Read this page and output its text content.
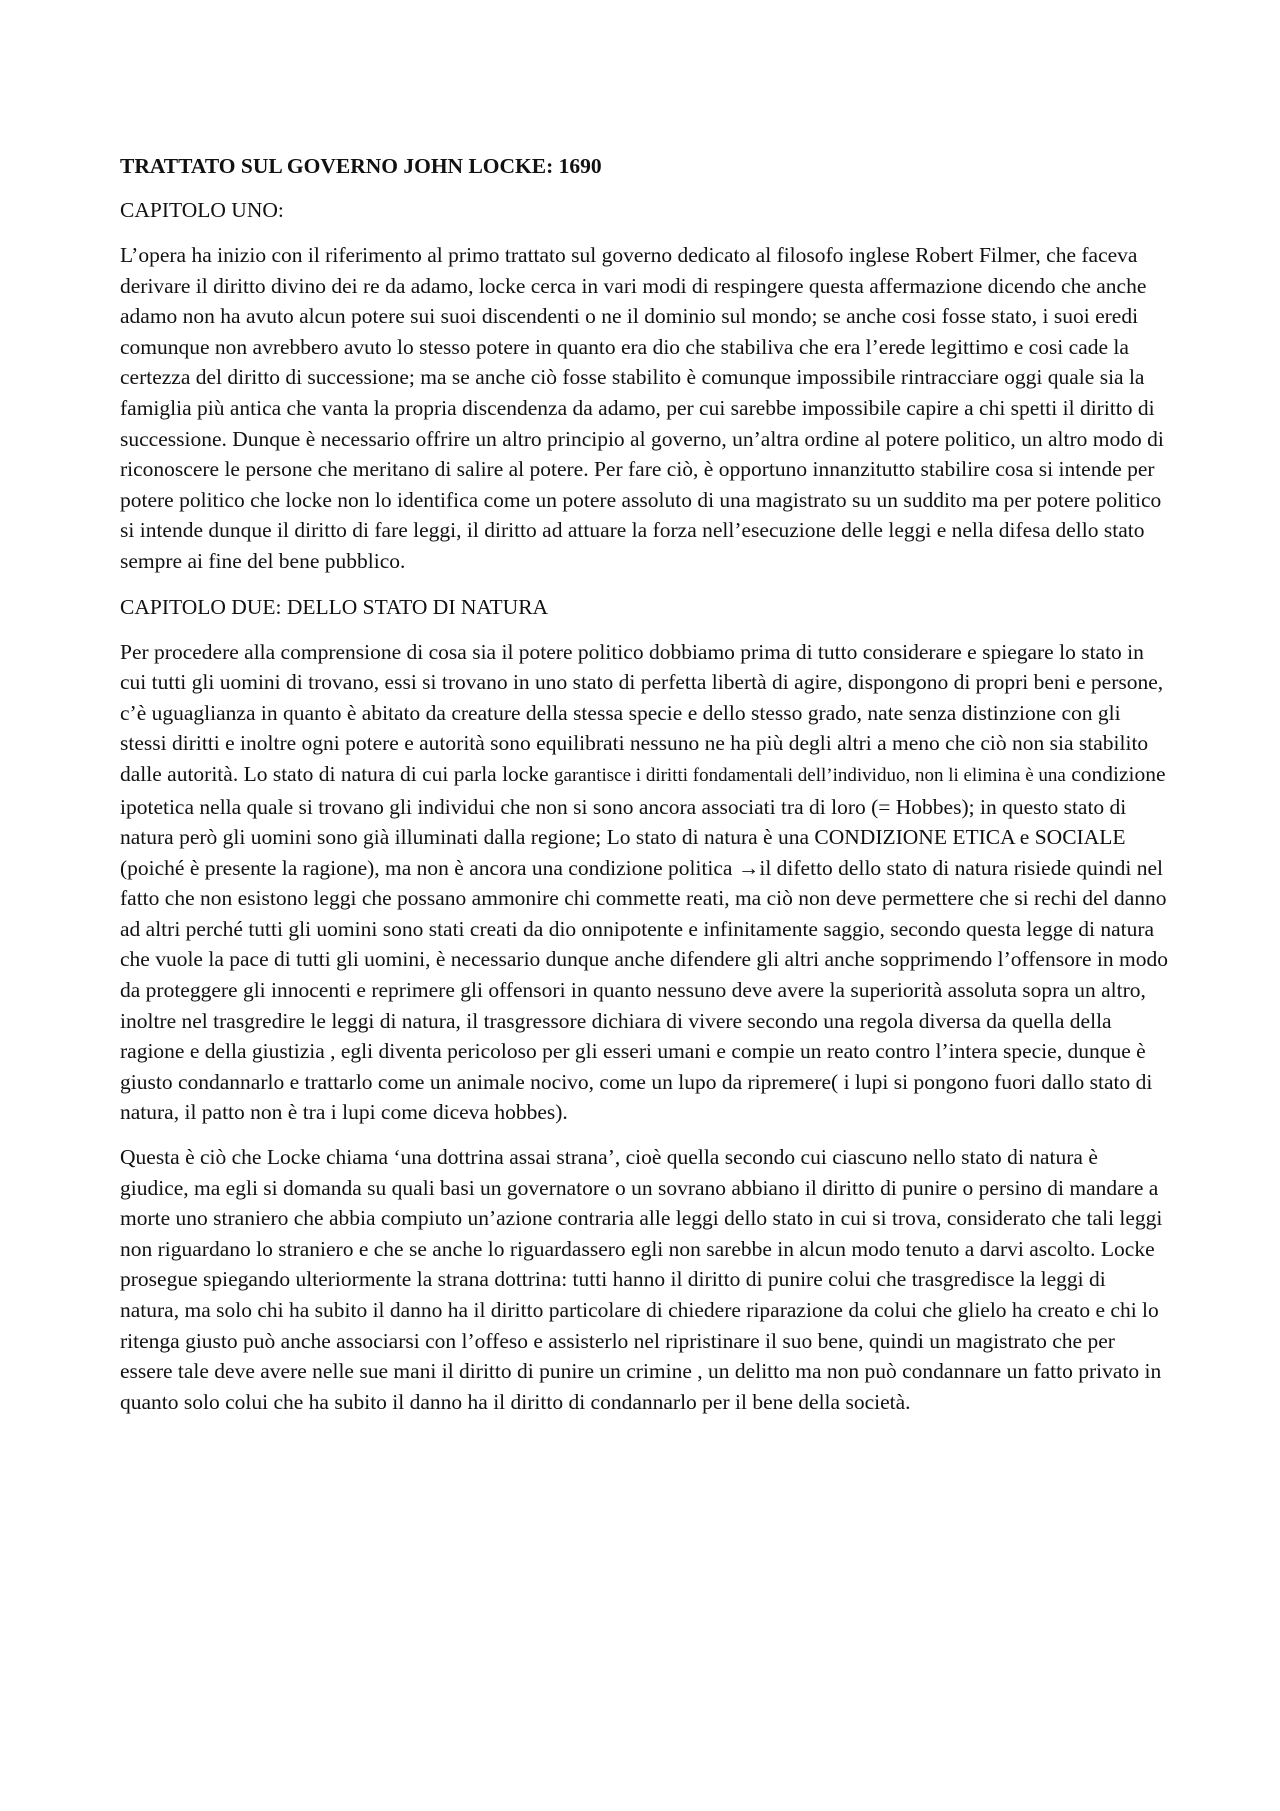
TRATTATO SUL GOVERNO JOHN LOCKE: 1690
CAPITOLO UNO:

L’opera ha inizio con il riferimento al primo trattato sul governo dedicato al filosofo inglese Robert Filmer, che faceva derivare il diritto divino dei re da adamo, locke cerca in vari modi di respingere questa affermazione dicendo che anche adamo non ha avuto alcun potere sui suoi discendenti o ne il dominio sul mondo; se anche cosi fosse stato, i suoi eredi comunque non avrebbero avuto lo stesso potere in quanto era dio che stabiliva che era l’erede legittimo e cosi cade la certezza del diritto di successione; ma se anche ciò fosse stabilito è comunque impossibile rintracciare oggi quale sia la famiglia più antica che vanta la propria discendenza da adamo, per cui sarebbe impossibile capire a chi spetti il diritto di successione. Dunque è necessario offrire un altro principio al governo, un’altra ordine al potere politico, un altro modo di riconoscere le persone che meritano di salire al potere. Per fare ciò, è opportuno innanzitutto stabilire cosa si intende per potere politico che locke non lo identifica come un potere assoluto di una magistrato su un suddito ma per potere politico si intende dunque il diritto di fare leggi, il diritto ad attuare la forza nell’esecuzione delle leggi e nella difesa dello stato sempre ai fine del bene pubblico.

CAPITOLO DUE: DELLO STATO DI NATURA

Per procedere alla comprensione di cosa sia il potere politico dobbiamo prima di tutto considerare e spiegare lo stato in cui tutti gli uomini di trovano, essi si trovano in uno stato di perfetta libertà di agire, dispongono di propri beni e persone, c’è uguaglianza in quanto è abitato da creature della stessa specie e dello stesso grado, nate senza distinzione con gli stessi diritti e inoltre ogni potere e autorità sono equilibrati nessuno ne ha più degli altri a meno che ciò non sia stabilito dalle autorità. Lo stato di natura di cui parla locke garantisce i diritti fondamentali dell’individuo, non li elimina è una condizione ipotetica nella quale si trovano gli individui che non si sono ancora associati tra di loro (= Hobbes); in questo stato di natura però gli uomini sono già illuminati dalla regione; Lo stato di natura è una CONDIZIONE ETICA e SOCIALE (poiché è presente la ragione), ma non è ancora una condizione politica →il difetto dello stato di natura risiede quindi nel fatto che non esistono leggi che possano ammonire chi commette reati, ma ciò non deve permettere che si rechi del danno ad altri perché tutti gli uomini sono stati creati da dio onnipotente e infinitamente saggio, secondo questa legge di natura che vuole la pace di tutti gli uomini, è necessario dunque anche difendere gli altri anche sopprimendo l’offensore in modo da proteggere gli innocenti e reprimere gli offensori in quanto nessuno deve avere la superiorità assoluta sopra un altro, inoltre nel trasgredire le leggi di natura, il trasgressore dichiara di vivere secondo una regola diversa da quella della ragione e della giustizia , egli diventa pericoloso per gli esseri umani e compie un reato contro l’intera specie, dunque è giusto condannarlo e trattarlo come un animale nocivo, come un lupo da ripremere( i lupi si pongono fuori dallo stato di natura, il patto non è tra i lupi come diceva hobbes).

Questa è ciò che Locke chiama ‘una dottrina assai strana’, cioè quella secondo cui ciascuno nello stato di natura è giudice, ma egli si domanda su quali basi un governatore o un sovrano abbiano il diritto di punire o persino di mandare a morte uno straniero che abbia compiuto un’azione contraria alle leggi dello stato in cui si trova, considerato che tali leggi non riguardano lo straniero e che se anche lo riguardassero egli non sarebbe in alcun modo tenuto a darvi ascolto. Locke prosegue spiegando ulteriormente la strana dottrina: tutti hanno il diritto di punire colui che trasgredisce la leggi di natura, ma solo chi ha subito il danno ha il diritto particolare di chiedere riparazione da colui che glielo ha creato e chi lo ritenga giusto può anche associarsi con l’offeso e assisterlo nel ripristinare il suo bene, quindi un magistrato che per essere tale deve avere nelle sue mani il diritto di punire un crimine , un delitto ma non può condannare un fatto privato in quanto solo colui che ha subito il danno ha il diritto di condannarlo per il bene della società.
